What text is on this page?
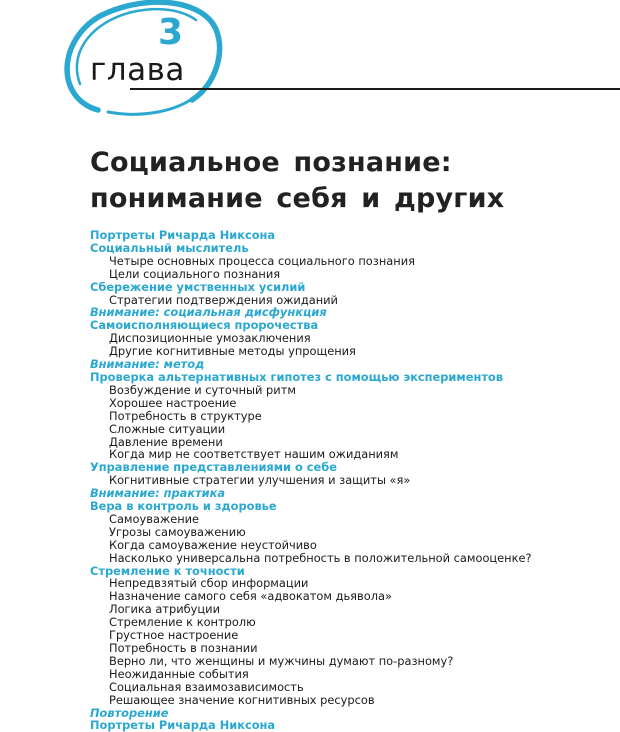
3
глава
Социальное познание:
понимание себя и других
Портреты Ричарда Никсона
Социальный мыслитель
Четыре основных процесса социального познания
Цели социального познания
Сбережение умственных усилий
Стратегии подтверждения ожиданий
Внимание: социальная дисфункция
Самоисполняющиеся пророчества
Диспозиционные умозаключения
Другие когнитивные методы упрощения
Внимание: метод
Проверка альтернативных гипотез с помощью экспериментов
Возбуждение и суточный ритм
Хорошее настроение
Потребность в структуре
Сложные ситуации
Давление времени
Когда мир не соответствует нашим ожиданиям
Управление представлениями о себе
Когнитивные стратегии улучшения и защиты «я»
Внимание: практика
Вера в контроль и здоровье
Самоуважение
Угрозы самоуважению
Когда самоуважение неустойчиво
Насколько универсальна потребность в положительной самооценке?
Стремление к точности
Непредвзятый сбор информации
Назначение самого себя «адвокатом дьявола»
Логика атрибуции
Стремление к контролю
Грустное настроение
Потребность в познании
Верно ли, что женщины и мужчины думают по-разному?
Неожиданные события
Социальная взаимозависимость
Решающее значение когнитивных ресурсов
Повторение
Портреты Ричарда Никсона
